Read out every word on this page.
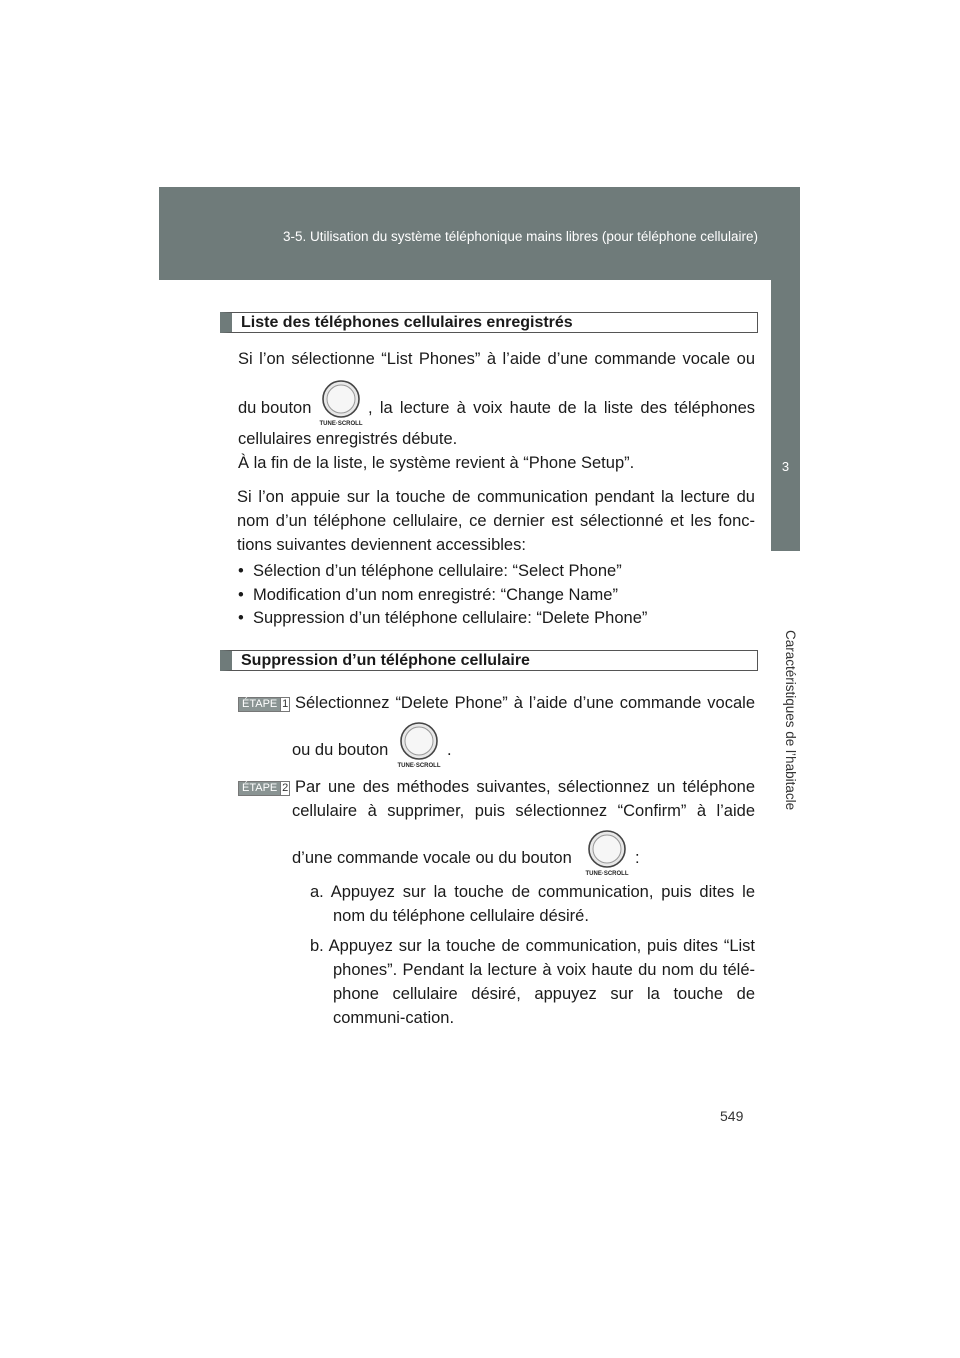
3-5. Utilisation du système téléphonique mains libres (pour téléphone cellulaire)
3
Caractéristiques de l’habitacle
Liste des téléphones cellulaires enregistrés
Si l’on sélectionne “List Phones” à l’aide d’une commande vocale ou
du bouton
TUNE·SCROLL
, la lecture à voix haute de la liste des téléphones
cellulaires enregistrés débute.
À la fin de la liste, le système revient à “Phone Setup”.
Si l’on appuie sur la touche de communication pendant la lecture du nom d’un téléphone cellulaire, ce dernier est sélectionné et les fonc-tions suivantes deviennent accessibles:
•  Sélection d’un téléphone cellulaire: “Select Phone”
•  Modification d’un nom enregistré: “Change Name”
•  Suppression d’un téléphone cellulaire: “Delete Phone”
Suppression d’un téléphone cellulaire
ÉTAPE 1 Sélectionnez “Delete Phone” à l’aide d’une commande vocale
ou du bouton
TUNE·SCROLL
.
ÉTAPE 2 Par une des méthodes suivantes, sélectionnez un téléphone
cellulaire à supprimer, puis sélectionnez “Confirm” à l’aide
d’une commande vocale ou du bouton
TUNE·SCROLL
:
a. Appuyez sur la touche de communication, puis dites le nom du téléphone cellulaire désiré.
b. Appuyez sur la touche de communication, puis dites “List phones”. Pendant la lecture à voix haute du nom du télé-phone cellulaire désiré, appuyez sur la touche de communi-cation.
549
